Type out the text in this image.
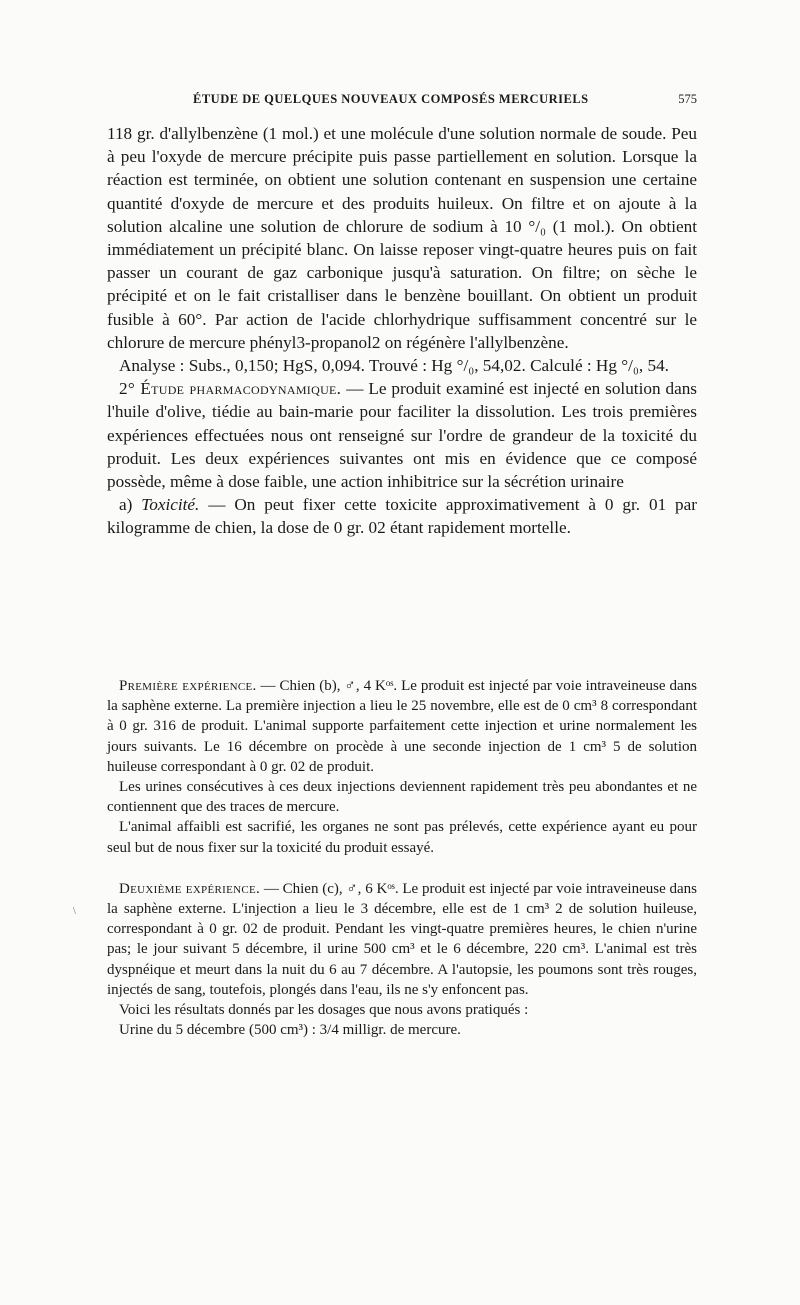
ÉTUDE DE QUELQUES NOUVEAUX COMPOSÉS MERCURIELS	575

118 gr. d'allylbenzène (1 mol.) et une molécule d'une solution normale de soude. Peu à peu l'oxyde de mercure précipite puis passe partiellement en solution. Lorsque la réaction est terminée, on obtient une solution contenant en suspension une certaine quantité d'oxyde de mercure et des produits huileux. On filtre et on ajoute à la solution alcaline une solution de chlorure de sodium à 10 °/₀ (1 mol.). On obtient immédiatement un précipité blanc. On laisse reposer vingt-quatre heures puis on fait passer un courant de gaz carbonique jusqu'à saturation. On filtre; on sèche le précipité et on le fait cristalliser dans le benzène bouillant. On obtient un produit fusible à 60°. Par action de l'acide chlorhydrique suffisamment concentré sur le chlorure de mercure phényl3-propanol2 on régénère l'allylbenzène.

Analyse : Subs., 0,150; HgS, 0,094. Trouvé : Hg °/₀, 54,02. Calculé : Hg °/₀, 54.

2° Étude pharmacodynamique. — Le produit examiné est injecté en solution dans l'huile d'olive, tiédie au bain-marie pour faciliter la dissolution. Les trois premières expériences effectuées nous ont renseigné sur l'ordre de grandeur de la toxicité du produit. Les deux expériences suivantes ont mis en évidence que ce composé possède, même à dose faible, une action inhibitrice sur la sécrétion urinaire

a) Toxicité. — On peut fixer cette toxicite approximativement à 0 gr. 01 par kilogramme de chien, la dose de 0 gr. 02 étant rapidement mortelle.

Première expérience. — Chien (b), ♂, 4 Kᵒˢ. Le produit est injecté par voie intraveineuse dans la saphène externe. La première injection a lieu le 25 novembre, elle est de 0 cm³ 8 correspondant à 0 gr. 316 de produit. L'animal supporte parfaitement cette injection et urine normalement les jours suivants. Le 16 décembre on procède à une seconde injection de 1 cm³ 5 de solution huileuse correspondant à 0 gr. 02 de produit.

Les urines consécutives à ces deux injections deviennent rapidement très peu abondantes et ne contiennent que des traces de mercure.

L'animal affaibli est sacrifié, les organes ne sont pas prélevés, cette expérience ayant eu pour seul but de nous fixer sur la toxicité du produit essayé.

Deuxième expérience. — Chien (c), ♂, 6 Kᵒˢ. Le produit est injecté par voie intraveineuse dans la saphène externe. L'injection a lieu le 3 décembre, elle est de 1 cm³ 2 de solution huileuse, correspondant à 0 gr. 02 de produit. Pendant les vingt-quatre premières heures, le chien n'urine pas; le jour suivant 5 décembre, il urine 500 cm³ et le 6 décembre, 220 cm³. L'animal est très dyspnéique et meurt dans la nuit du 6 au 7 décembre. A l'autopsie, les poumons sont très rouges, injectés de sang, toutefois, plongés dans l'eau, ils ne s'y enfoncent pas.

Voici les résultats donnés par les dosages que nous avons pratiqués :

Urine du 5 décembre (500 cm³) : 3/4 milligr. de mercure.

\
